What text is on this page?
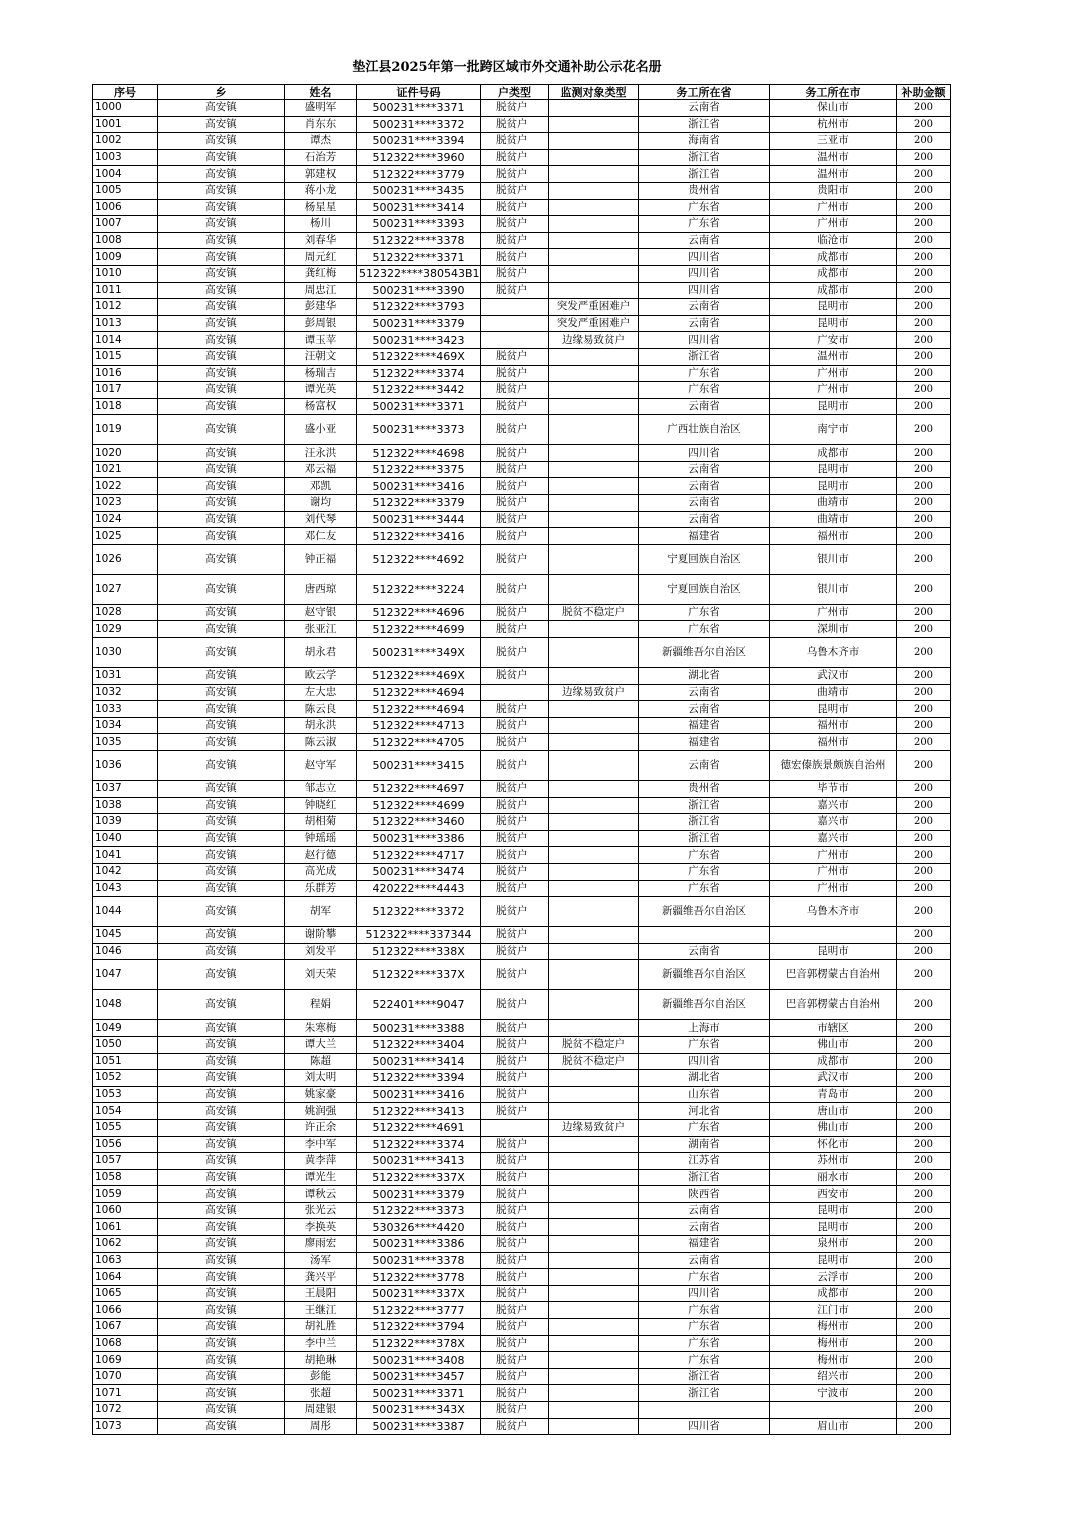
垫江县2025年第一批跨区域市外交通补助公示花名册
序号	乡	姓名	证件号码	户类型	监测对象类型	务工所在省	务工所在市	补助金额
1000	高安镇	盛明军	500231****3371	脱贫户		云南省	保山市	200
1001	高安镇	肖东东	500231****3372	脱贫户		浙江省	杭州市	200
1002	高安镇	谭杰	500231****3394	脱贫户		海南省	三亚市	200
1003	高安镇	石治芳	512322****3960	脱贫户		浙江省	温州市	200
1004	高安镇	郭建权	512322****3779	脱贫户		浙江省	温州市	200
1005	高安镇	蒋小龙	500231****3435	脱贫户		贵州省	贵阳市	200
1006	高安镇	杨星星	500231****3414	脱贫户		广东省	广州市	200
1007	高安镇	杨川	500231****3393	脱贫户		广东省	广州市	200
1008	高安镇	刘春华	512322****3378	脱贫户		云南省	临沧市	200
1009	高安镇	周元红	512322****3371	脱贫户		四川省	成都市	200
1010	高安镇	龚红梅	512322****380543B1	脱贫户		四川省	成都市	200
1011	高安镇	周忠江	500231****3390	脱贫户		四川省	成都市	200
1012	高安镇	彭建华	512322****3793		突发严重困难户	云南省	昆明市	200
1013	高安镇	彭周银	500231****3379		突发严重困难户	云南省	昆明市	200
1014	高安镇	谭玉苹	500231****3423		边缘易致贫户	四川省	广安市	200
1015	高安镇	汪朝文	512322****469X	脱贫户		浙江省	温州市	200
1016	高安镇	杨瑞吉	512322****3374	脱贫户		广东省	广州市	200
1017	高安镇	谭光英	512322****3442	脱贫户		广东省	广州市	200
1018	高安镇	杨富权	500231****3371	脱贫户		云南省	昆明市	200
1019	高安镇	盛小亚	500231****3373	脱贫户		广西壮族自治区	南宁市	200
1020	高安镇	汪永洪	512322****4698	脱贫户		四川省	成都市	200
1021	高安镇	邓云福	512322****3375	脱贫户		云南省	昆明市	200
1022	高安镇	邓凯	500231****3416	脱贫户		云南省	昆明市	200
1023	高安镇	谢均	512322****3379	脱贫户		云南省	曲靖市	200
1024	高安镇	刘代琴	500231****3444	脱贫户		云南省	曲靖市	200
1025	高安镇	邓仁友	512322****3416	脱贫户		福建省	福州市	200
1026	高安镇	钟正福	512322****4692	脱贫户		宁夏回族自治区	银川市	200
1027	高安镇	唐西琼	512322****3224	脱贫户		宁夏回族自治区	银川市	200
1028	高安镇	赵守银	512322****4696	脱贫户	脱贫不稳定户	广东省	广州市	200
1029	高安镇	张亚江	512322****4699	脱贫户		广东省	深圳市	200
1030	高安镇	胡永君	500231****349X	脱贫户		新疆维吾尔自治区	乌鲁木齐市	200
1031	高安镇	欧云学	512322****469X	脱贫户		湖北省	武汉市	200
1032	高安镇	左大忠	512322****4694		边缘易致贫户	云南省	曲靖市	200
1033	高安镇	陈云良	512322****4694	脱贫户		云南省	昆明市	200
1034	高安镇	胡永洪	512322****4713	脱贫户		福建省	福州市	200
1035	高安镇	陈云淑	512322****4705	脱贫户		福建省	福州市	200
1036	高安镇	赵守军	500231****3415	脱贫户		云南省	德宏傣族景颇族自治州	200
1037	高安镇	邹志立	512322****4697	脱贫户		贵州省	毕节市	200
1038	高安镇	钟晓红	512322****4699	脱贫户		浙江省	嘉兴市	200
1039	高安镇	胡相菊	512322****3460	脱贫户		浙江省	嘉兴市	200
1040	高安镇	钟瑶瑶	500231****3386	脱贫户		浙江省	嘉兴市	200
1041	高安镇	赵行德	512322****4717	脱贫户		广东省	广州市	200
1042	高安镇	高光成	500231****3474	脱贫户		广东省	广州市	200
1043	高安镇	乐群芳	420222****4443	脱贫户		广东省	广州市	200
1044	高安镇	胡军	512322****3372	脱贫户		新疆维吾尔自治区	乌鲁木齐市	200
1045	高安镇	谢阶攀	512322****337344	脱贫户				200
1046	高安镇	刘发平	512322****338X	脱贫户		云南省	昆明市	200
1047	高安镇	刘天荣	512322****337X	脱贫户		新疆维吾尔自治区	巴音郭楞蒙古自治州	200
1048	高安镇	程娟	522401****9047	脱贫户		新疆维吾尔自治区	巴音郭楞蒙古自治州	200
1049	高安镇	朱寒梅	500231****3388	脱贫户		上海市	市辖区	200
1050	高安镇	谭大兰	512322****3404	脱贫户	脱贫不稳定户	广东省	佛山市	200
1051	高安镇	陈超	500231****3414	脱贫户	脱贫不稳定户	四川省	成都市	200
1052	高安镇	刘太明	512322****3394	脱贫户		湖北省	武汉市	200
1053	高安镇	姚家豪	500231****3416	脱贫户		山东省	青岛市	200
1054	高安镇	姚润强	512322****3413	脱贫户		河北省	唐山市	200
1055	高安镇	许正余	512322****4691		边缘易致贫户	广东省	佛山市	200
1056	高安镇	李中军	512322****3374	脱贫户		湖南省	怀化市	200
1057	高安镇	黄李萍	500231****3413	脱贫户		江苏省	苏州市	200
1058	高安镇	谭光生	512322****337X	脱贫户		浙江省	丽水市	200
1059	高安镇	谭秋云	500231****3379	脱贫户		陕西省	西安市	200
1060	高安镇	张光云	512322****3373	脱贫户		云南省	昆明市	200
1061	高安镇	李换英	530326****4420	脱贫户		云南省	昆明市	200
1062	高安镇	廖雨宏	500231****3386	脱贫户		福建省	泉州市	200
1063	高安镇	汤军	500231****3378	脱贫户		云南省	昆明市	200
1064	高安镇	龚兴平	512322****3778	脱贫户		广东省	云浮市	200
1065	高安镇	王晨阳	500231****337X	脱贫户		四川省	成都市	200
1066	高安镇	王继江	512322****3777	脱贫户		广东省	江门市	200
1067	高安镇	胡礼胜	512322****3794	脱贫户		广东省	梅州市	200
1068	高安镇	李中兰	512322****378X	脱贫户		广东省	梅州市	200
1069	高安镇	胡艳琳	500231****3408	脱贫户		广东省	梅州市	200
1070	高安镇	彭能	500231****3457	脱贫户		浙江省	绍兴市	200
1071	高安镇	张超	500231****3371	脱贫户		浙江省	宁波市	200
1072	高安镇	周建银	500231****343X	脱贫户				200
1073	高安镇	周彤	500231****3387	脱贫户		四川省	眉山市	200
